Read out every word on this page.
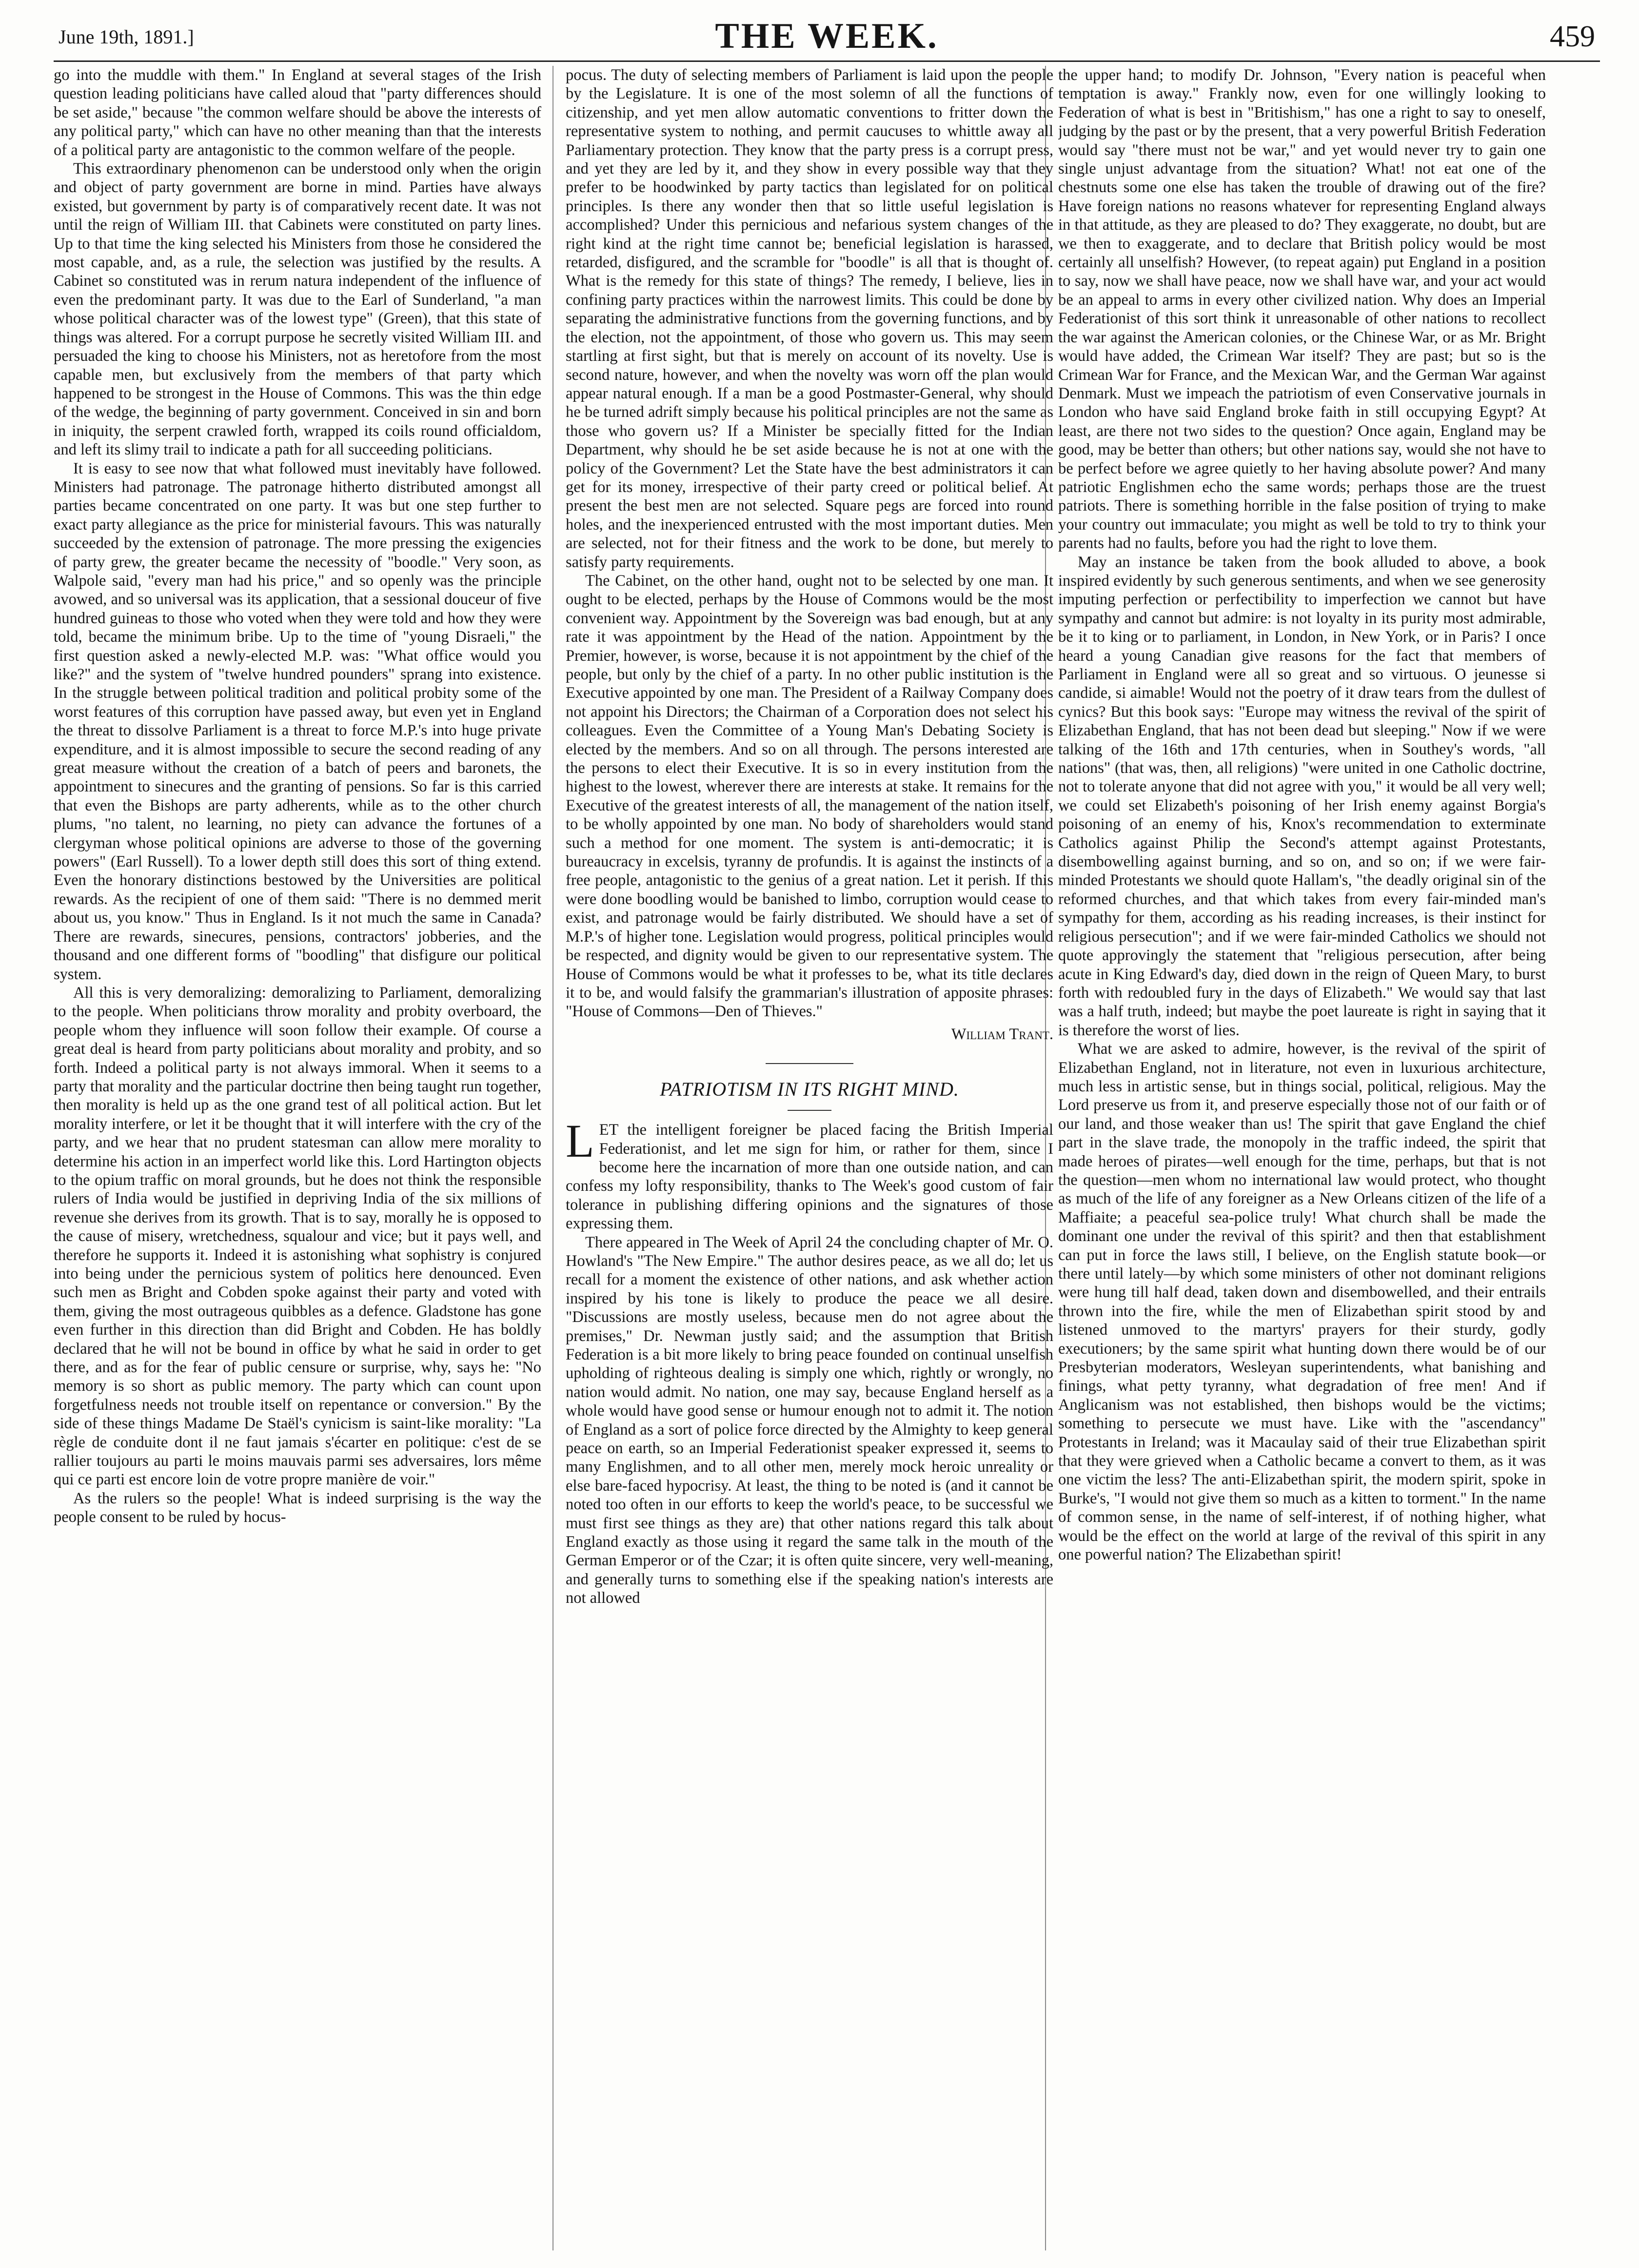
June 19th, 1891.]	THE WEEK.	459

go into the muddle with them." In England at several stages of the Irish question leading politicians have called aloud that "party differences should be set aside," because "the common welfare should be above the interests of any political party," which can have no other meaning than that the interests of a political party are antagonistic to the common welfare of the people.

This extraordinary phenomenon can be understood only when the origin and object of party government are borne in mind. Parties have always existed, but government by party is of comparatively recent date. It was not until the reign of William III. that Cabinets were constituted on party lines. Up to that time the king selected his Ministers from those he considered the most capable, and, as a rule, the selection was justified by the results. A Cabinet so constituted was in rerum natura independent of the influence of even the predominant party. It was due to the Earl of Sunderland, "a man whose political character was of the lowest type" (Green), that this state of things was altered. For a corrupt purpose he secretly visited William III. and persuaded the king to choose his Ministers, not as heretofore from the most capable men, but exclusively from the members of that party which happened to be strongest in the House of Commons. This was the thin edge of the wedge, the beginning of party government. Conceived in sin and born in iniquity, the serpent crawled forth, wrapped its coils round officialdom, and left its slimy trail to indicate a path for all succeeding politicians.

It is easy to see now that what followed must inevitably have followed. Ministers had patronage. The patronage hitherto distributed amongst all parties became concentrated on one party. It was but one step further to exact party allegiance as the price for ministerial favours. This was naturally succeeded by the extension of patronage. The more pressing the exigencies of party grew, the greater became the necessity of "boodle." Very soon, as Walpole said, "every man had his price," and so openly was the principle avowed, and so universal was its application, that a sessional douceur of five hundred guineas to those who voted when they were told and how they were told, became the minimum bribe. Up to the time of "young Disraeli," the first question asked a newly-elected M.P. was: "What office would you like?" and the system of "twelve hundred pounders" sprang into existence. In the struggle between political tradition and political probity some of the worst features of this corruption have passed away, but even yet in England the threat to dissolve Parliament is a threat to force M.P.'s into huge private expenditure, and it is almost impossible to secure the second reading of any great measure without the creation of a batch of peers and baronets, the appointment to sinecures and the granting of pensions. So far is this carried that even the Bishops are party adherents, while as to the other church plums, "no talent, no learning, no piety can advance the fortunes of a clergyman whose political opinions are adverse to those of the governing powers" (Earl Russell). To a lower depth still does this sort of thing extend. Even the honorary distinctions bestowed by the Universities are political rewards. As the recipient of one of them said: "There is no demmed merit about us, you know." Thus in England. Is it not much the same in Canada? There are rewards, sinecures, pensions, contractors' jobberies, and the thousand and one different forms of "boodling" that disfigure our political system.

All this is very demoralizing: demoralizing to Parliament, demoralizing to the people. When politicians throw morality and probity overboard, the people whom they influence will soon follow their example. Of course a great deal is heard from party politicians about morality and probity, and so forth. Indeed a political party is not always immoral. When it seems to a party that morality and the particular doctrine then being taught run together, then morality is held up as the one grand test of all political action. But let morality interfere, or let it be thought that it will interfere with the cry of the party, and we hear that no prudent statesman can allow mere morality to determine his action in an imperfect world like this. Lord Hartington objects to the opium traffic on moral grounds, but he does not think the responsible rulers of India would be justified in depriving India of the six millions of revenue she derives from its growth. That is to say, morally he is opposed to the cause of misery, wretchedness, squalour and vice; but it pays well, and therefore he supports it. Indeed it is astonishing what sophistry is conjured into being under the pernicious system of politics here denounced. Even such men as Bright and Cobden spoke against their party and voted with them, giving the most outrageous quibbles as a defence. Gladstone has gone even further in this direction than did Bright and Cobden. He has boldly declared that he will not be bound in office by what he said in order to get there, and as for the fear of public censure or surprise, why, says he: "No memory is so short as public memory. The party which can count upon forgetfulness needs not trouble itself on repentance or conversion." By the side of these things Madame De Staël's cynicism is saint-like morality: "La règle de conduite dont il ne faut jamais s'écarter en politique: c'est de se rallier toujours au parti le moins mauvais parmi ses adversaires, lors même qui ce parti est encore loin de votre propre manière de voir."

As the rulers so the people! What is indeed surprising is the way the people consent to be ruled by hocus-

pocus. The duty of selecting members of Parliament is laid upon the people by the Legislature. It is one of the most solemn of all the functions of citizenship, and yet men allow automatic conventions to fritter down the representative system to nothing, and permit caucuses to whittle away all Parliamentary protection. They know that the party press is a corrupt press, and yet they are led by it, and they show in every possible way that they prefer to be hoodwinked by party tactics than legislated for on political principles. Is there any wonder then that so little useful legislation is accomplished? Under this pernicious and nefarious system changes of the right kind at the right time cannot be; beneficial legislation is harassed, retarded, disfigured, and the scramble for "boodle" is all that is thought of. What is the remedy for this state of things? The remedy, I believe, lies in confining party practices within the narrowest limits. This could be done by separating the administrative functions from the governing functions, and by the election, not the appointment, of those who govern us. This may seem startling at first sight, but that is merely on account of its novelty. Use is second nature, however, and when the novelty was worn off the plan would appear natural enough. If a man be a good Postmaster-General, why should he be turned adrift simply because his political principles are not the same as those who govern us? If a Minister be specially fitted for the Indian Department, why should he be set aside because he is not at one with the policy of the Government? Let the State have the best administrators it can get for its money, irrespective of their party creed or political belief. At present the best men are not selected. Square pegs are forced into round holes, and the inexperienced entrusted with the most important duties. Men are selected, not for their fitness and the work to be done, but merely to satisfy party requirements.

The Cabinet, on the other hand, ought not to be selected by one man. It ought to be elected, perhaps by the House of Commons would be the most convenient way. Appointment by the Sovereign was bad enough, but at any rate it was appointment by the Head of the nation. Appointment by the Premier, however, is worse, because it is not appointment by the chief of the people, but only by the chief of a party. In no other public institution is the Executive appointed by one man. The President of a Railway Company does not appoint his Directors; the Chairman of a Corporation does not select his colleagues. Even the Committee of a Young Man's Debating Society is elected by the members. And so on all through. The persons interested are the persons to elect their Executive. It is so in every institution from the highest to the lowest, wherever there are interests at stake. It remains for the Executive of the greatest interests of all, the management of the nation itself, to be wholly appointed by one man. No body of shareholders would stand such a method for one moment. The system is anti-democratic; it is bureaucracy in excelsis, tyranny de profundis. It is against the instincts of a free people, antagonistic to the genius of a great nation. Let it perish. If this were done boodling would be banished to limbo, corruption would cease to exist, and patronage would be fairly distributed. We should have a set of M.P.'s of higher tone. Legislation would progress, political principles would be respected, and dignity would be given to our representative system. The House of Commons would be what it professes to be, what its title declares it to be, and would falsify the grammarian's illustration of apposite phrases: "House of Commons—Den of Thieves."

William Trant.

PATRIOTISM IN ITS RIGHT MIND.

LET the intelligent foreigner be placed facing the British Imperial Federationist, and let me sign for him, or rather for them, since I become here the incarnation of more than one outside nation, and can confess my lofty responsibility, thanks to The Week's good custom of fair tolerance in publishing differing opinions and the signatures of those expressing them.

There appeared in The Week of April 24 the concluding chapter of Mr. O. Howland's "The New Empire." The author desires peace, as we all do; let us recall for a moment the existence of other nations, and ask whether action inspired by his tone is likely to produce the peace we all desire. "Discussions are mostly useless, because men do not agree about the premises," Dr. Newman justly said; and the assumption that British Federation is a bit more likely to bring peace founded on continual unselfish upholding of righteous dealing is simply one which, rightly or wrongly, no nation would admit. No nation, one may say, because England herself as a whole would have good sense or humour enough not to admit it. The notion of England as a sort of police force directed by the Almighty to keep general peace on earth, so an Imperial Federationist speaker expressed it, seems to many Englishmen, and to all other men, merely mock heroic unreality or else bare-faced hypocrisy. At least, the thing to be noted is (and it cannot be noted too often in our efforts to keep the world's peace, to be successful we must first see things as they are) that other nations regard this talk about England exactly as those using it regard the same talk in the mouth of the German Emperor or of the Czar; it is often quite sincere, very well-meaning, and generally turns to something else if the speaking nation's interests are not allowed

the upper hand; to modify Dr. Johnson, "Every nation is peaceful when temptation is away." Frankly now, even for one willingly looking to Federation of what is best in "Britishism," has one a right to say to oneself, judging by the past or by the present, that a very powerful British Federation would say "there must not be war," and yet would never try to gain one single unjust advantage from the situation? What! not eat one of the chestnuts some one else has taken the trouble of drawing out of the fire? Have foreign nations no reasons whatever for representing England always in that attitude, as they are pleased to do? They exaggerate, no doubt, but are we then to exaggerate, and to declare that British policy would be most certainly all unselfish? However, (to repeat again) put England in a position to say, now we shall have peace, now we shall have war, and your act would be an appeal to arms in every other civilized nation. Why does an Imperial Federationist of this sort think it unreasonable of other nations to recollect the war against the American colonies, or the Chinese War, or as Mr. Bright would have added, the Crimean War itself? They are past; but so is the Crimean War for France, and the Mexican War, and the German War against Denmark. Must we impeach the patriotism of even Conservative journals in London who have said England broke faith in still occupying Egypt? At least, are there not two sides to the question? Once again, England may be good, may be better than others; but other nations say, would she not have to be perfect before we agree quietly to her having absolute power? And many patriotic Englishmen echo the same words; perhaps those are the truest patriots. There is something horrible in the false position of trying to make your country out immaculate; you might as well be told to try to think your parents had no faults, before you had the right to love them.

May an instance be taken from the book alluded to above, a book inspired evidently by such generous sentiments, and when we see generosity imputing perfection or perfectibility to imperfection we cannot but have sympathy and cannot but admire: is not loyalty in its purity most admirable, be it to king or to parliament, in London, in New York, or in Paris? I once heard a young Canadian give reasons for the fact that members of Parliament in England were all so great and so virtuous. O jeunesse si candide, si aimable! Would not the poetry of it draw tears from the dullest of cynics? But this book says: "Europe may witness the revival of the spirit of Elizabethan England, that has not been dead but sleeping." Now if we were talking of the 16th and 17th centuries, when in Southey's words, "all nations" (that was, then, all religions) "were united in one Catholic doctrine, not to tolerate anyone that did not agree with you," it would be all very well; we could set Elizabeth's poisoning of her Irish enemy against Borgia's poisoning of an enemy of his, Knox's recommendation to exterminate Catholics against Philip the Second's attempt against Protestants, disembowelling against burning, and so on, and so on; if we were fair-minded Protestants we should quote Hallam's, "the deadly original sin of the reformed churches, and that which takes from every fair-minded man's sympathy for them, according as his reading increases, is their instinct for religious persecution"; and if we were fair-minded Catholics we should not quote approvingly the statement that "religious persecution, after being acute in King Edward's day, died down in the reign of Queen Mary, to burst forth with redoubled fury in the days of Elizabeth." We would say that last was a half truth, indeed; but maybe the poet laureate is right in saying that it is therefore the worst of lies.

What we are asked to admire, however, is the revival of the spirit of Elizabethan England, not in literature, not even in luxurious architecture, much less in artistic sense, but in things social, political, religious. May the Lord preserve us from it, and preserve especially those not of our faith or of our land, and those weaker than us! The spirit that gave England the chief part in the slave trade, the monopoly in the traffic indeed, the spirit that made heroes of pirates—well enough for the time, perhaps, but that is not the question—men whom no international law would protect, who thought as much of the life of any foreigner as a New Orleans citizen of the life of a Maffiaite; a peaceful sea-police truly! What church shall be made the dominant one under the revival of this spirit? and then that establishment can put in force the laws still, I believe, on the English statute book—or there until lately—by which some ministers of other not dominant religions were hung till half dead, taken down and disembowelled, and their entrails thrown into the fire, while the men of Elizabethan spirit stood by and listened unmoved to the martyrs' prayers for their sturdy, godly executioners; by the same spirit what hunting down there would be of our Presbyterian moderators, Wesleyan superintendents, what banishing and finings, what petty tyranny, what degradation of free men! And if Anglicanism was not established, then bishops would be the victims; something to persecute we must have. Like with the "ascendancy" Protestants in Ireland; was it Macaulay said of their true Elizabethan spirit that they were grieved when a Catholic became a convert to them, as it was one victim the less? The anti-Elizabethan spirit, the modern spirit, spoke in Burke's, "I would not give them so much as a kitten to torment." In the name of common sense, in the name of self-interest, if of nothing higher, what would be the effect on the world at large of the revival of this spirit in any one powerful nation? The Elizabethan spirit!
